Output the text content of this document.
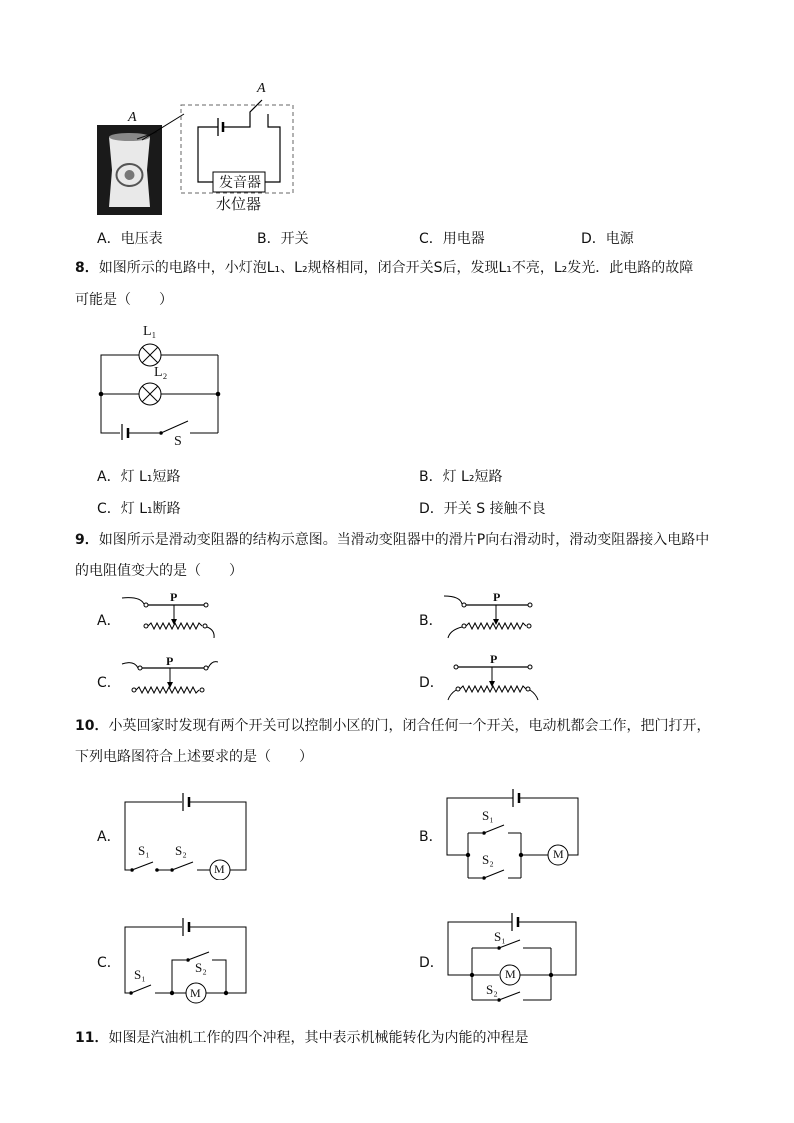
A
A
发音器
水位器
A．电压表	B．开关	C．用电器	D．电源
8．如图所示的电路中，小灯泡L₁、L₂规格相同，闭合开关S后，发现L₁不亮，L₂发光．此电路的故障
可能是（　　）
L₁
L₂
S
A．灯 L₁短路	B．灯 L₂短路
C．灯 L₁断路	D．开关 S 接触不良
9．如图所示是滑动变阻器的结构示意图。当滑动变阻器中的滑片P向右滑动时，滑动变阻器接入电路中
的电阻值变大的是（　　）
A．
P
B．
P
C．
P
D．
P
10．小英回家时发现有两个开关可以控制小区的门，闭合任何一个开关，电动机都会工作，把门打开，
下列电路图符合上述要求的是（　　）
A．
S₁ S₂
M
B．
S₁
S₂	M
C．
S₁	S₂
M
D．
S₁
S₂
M
11．如图是汽油机工作的四个冲程，其中表示机械能转化为内能的冲程是
